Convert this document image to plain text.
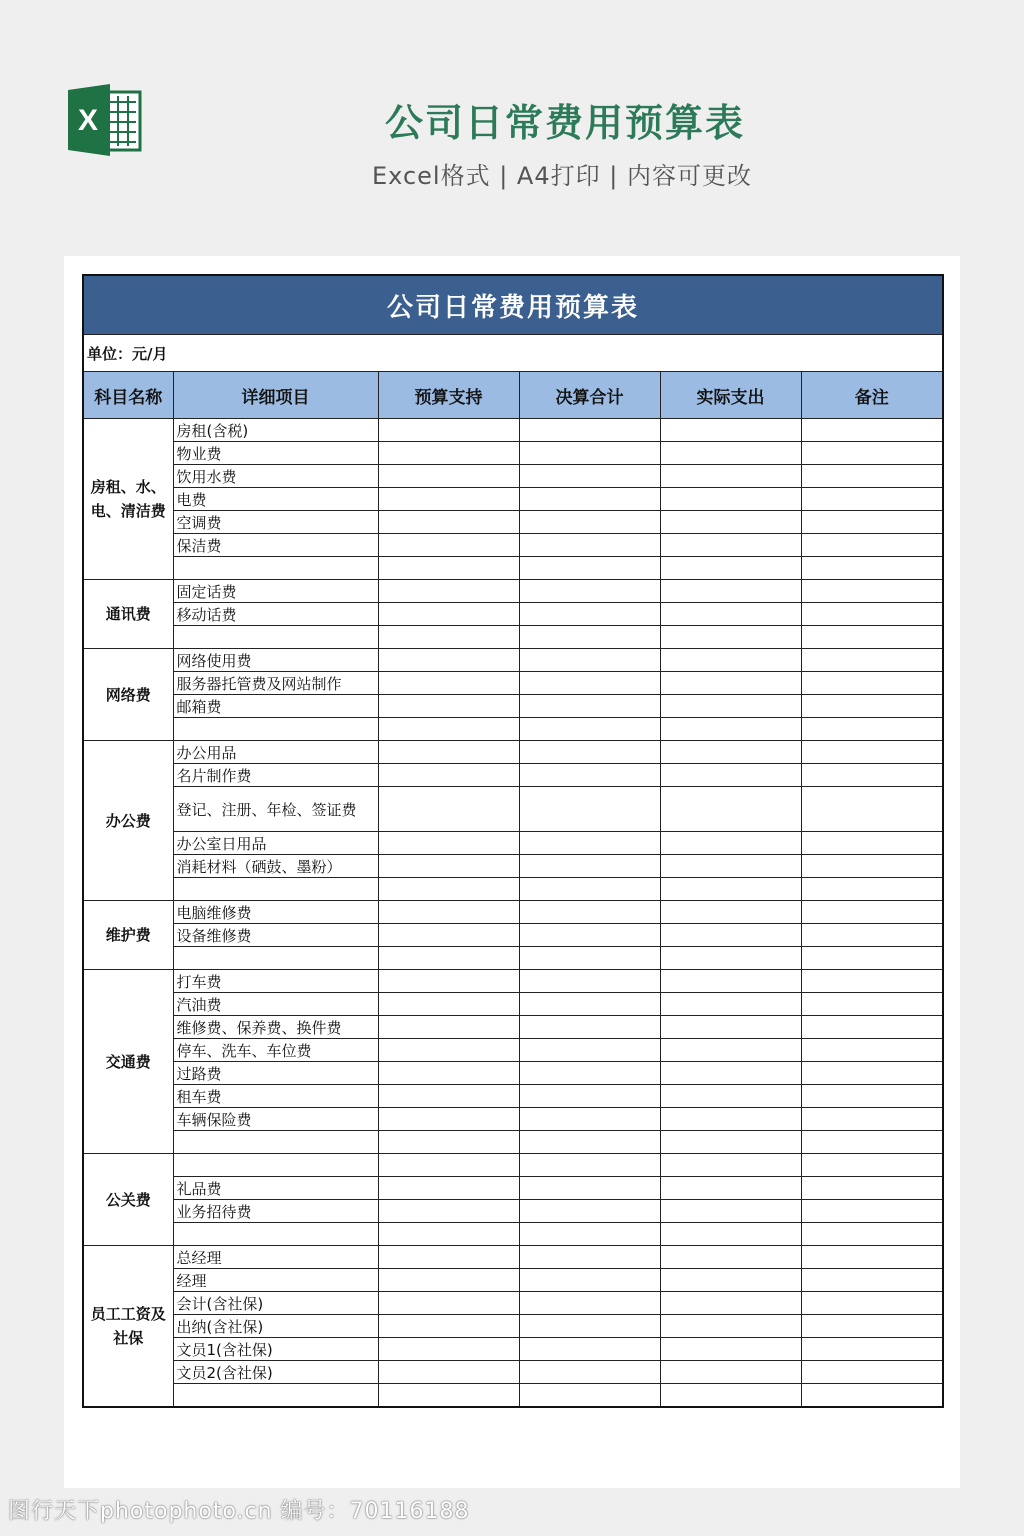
X	公司日常费用预算表
Excel格式 | A4打印 | 内容可更改
公司日常费用预算表					
单位：元/月					
科目名称	详细项目	预算支持	决算合计	实际支出	备注
房租、水、电、清洁费	房租(含税)				
	物业费				
	饮用水费				
	电费				
	空调费				
	保洁费				

通讯费	固定话费				
	移动话费				

网络费	网络使用费				
	服务器托管费及网站制作				
	邮箱费				

办公费	办公用品				
	名片制作费				
	登记、注册、年检、签证费				
	办公室日用品				
	消耗材料（硒鼓、墨粉）				

维护费	电脑维修费				
	设备维修费				

交通费	打车费				
	汽油费				
	维修费、保养费、换件费				
	停车、洗车、车位费				
	过路费				
	租车费				
	车辆保险费				

公关费					
	礼品费				
	业务招待费				

员工工资及社保	总经理				
	经理				
	会计(含社保)				
	出纳(含社保)				
	文员1(含社保)				
	文员2(含社保)				

图行天下photophoto.cn 编号：70116188
